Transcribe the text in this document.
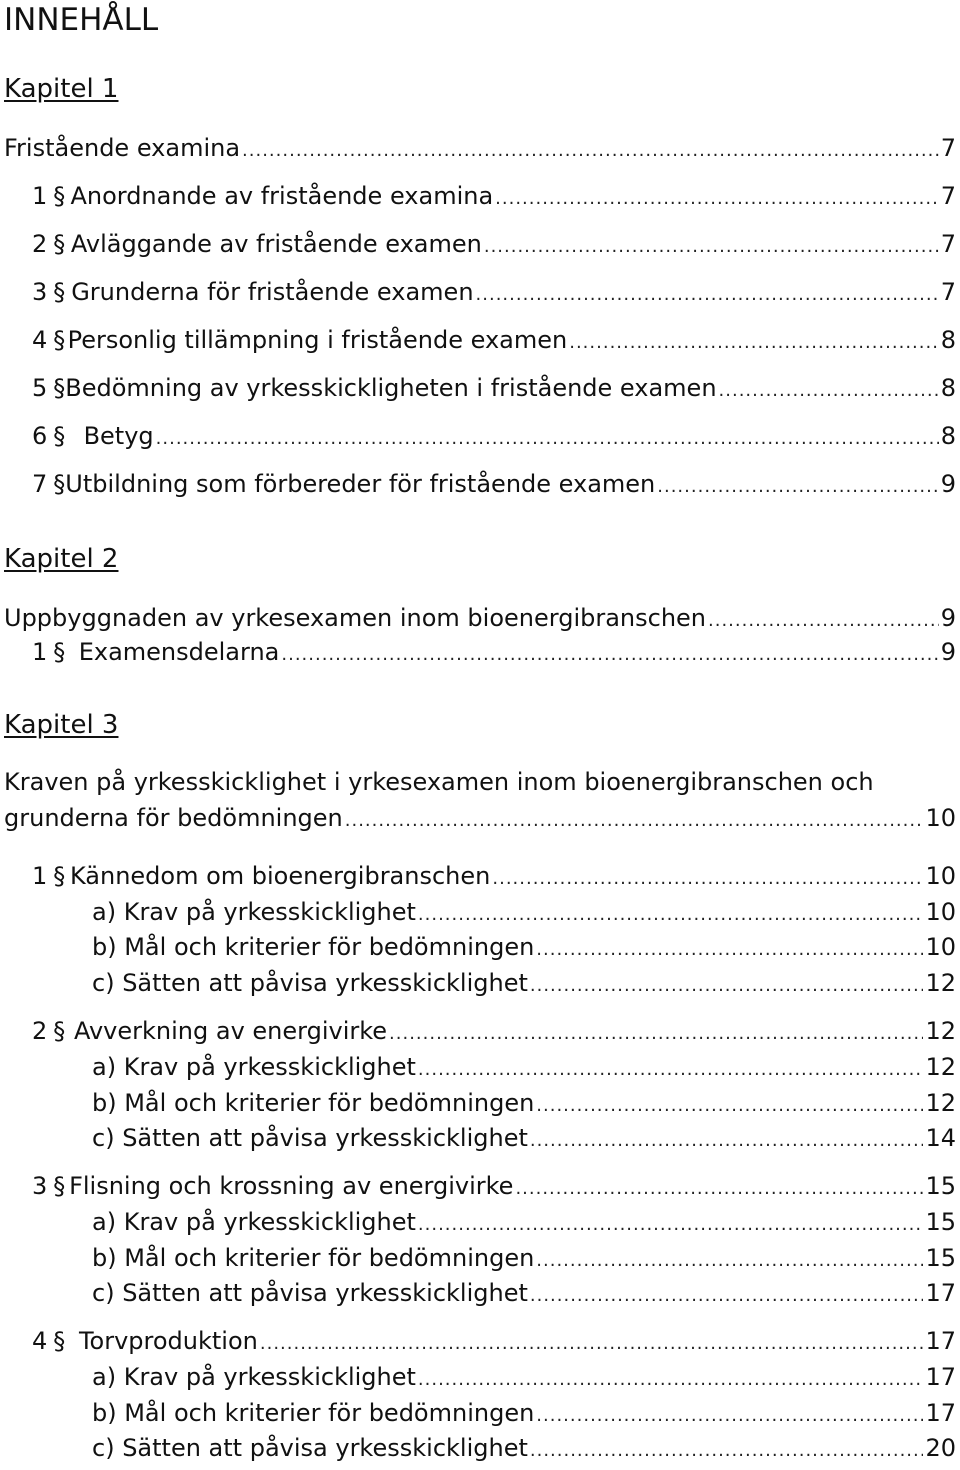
INNEHÅLL
Kapitel 1
Fristående examina .....	7
1 § Anordnande av fristående examina .....	7
2 § Avläggande av fristående examen .....	7
3 § Grunderna för fristående examen .....	7
4 § Personlig tillämpning i fristående examen .....	8
5 § Bedömning av yrkesskickligheten i fristående examen .....	8
6 § Betyg .....	8
7 § Utbildning som förbereder för fristående examen .....	9
Kapitel 2
Uppbyggnaden av yrkesexamen inom bioenergibranschen .....	9
1 § Examensdelarna .....	9
Kapitel 3
Kraven på yrkesskicklighet i yrkesexamen inom bioenergibranschen och
grunderna för bedömningen .....	10
1 § Kännedom om bioenergibranschen .....	10
a) Krav på yrkesskicklighet .....	10
b) Mål och kriterier för bedömningen .....	10
c) Sätten att påvisa yrkesskicklighet .....	12
2 § Avverkning av energivirke .....	12
a) Krav på yrkesskicklighet .....	12
b) Mål och kriterier för bedömningen .....	12
c) Sätten att påvisa yrkesskicklighet .....	14
3 § Flisning och krossning av energivirke .....	15
a) Krav på yrkesskicklighet .....	15
b) Mål och kriterier för bedömningen .....	15
c) Sätten att påvisa yrkesskicklighet .....	17
4 § Torvproduktion .....	17
a) Krav på yrkesskicklighet .....	17
b) Mål och kriterier för bedömningen .....	17
c) Sätten att påvisa yrkesskicklighet .....	20
